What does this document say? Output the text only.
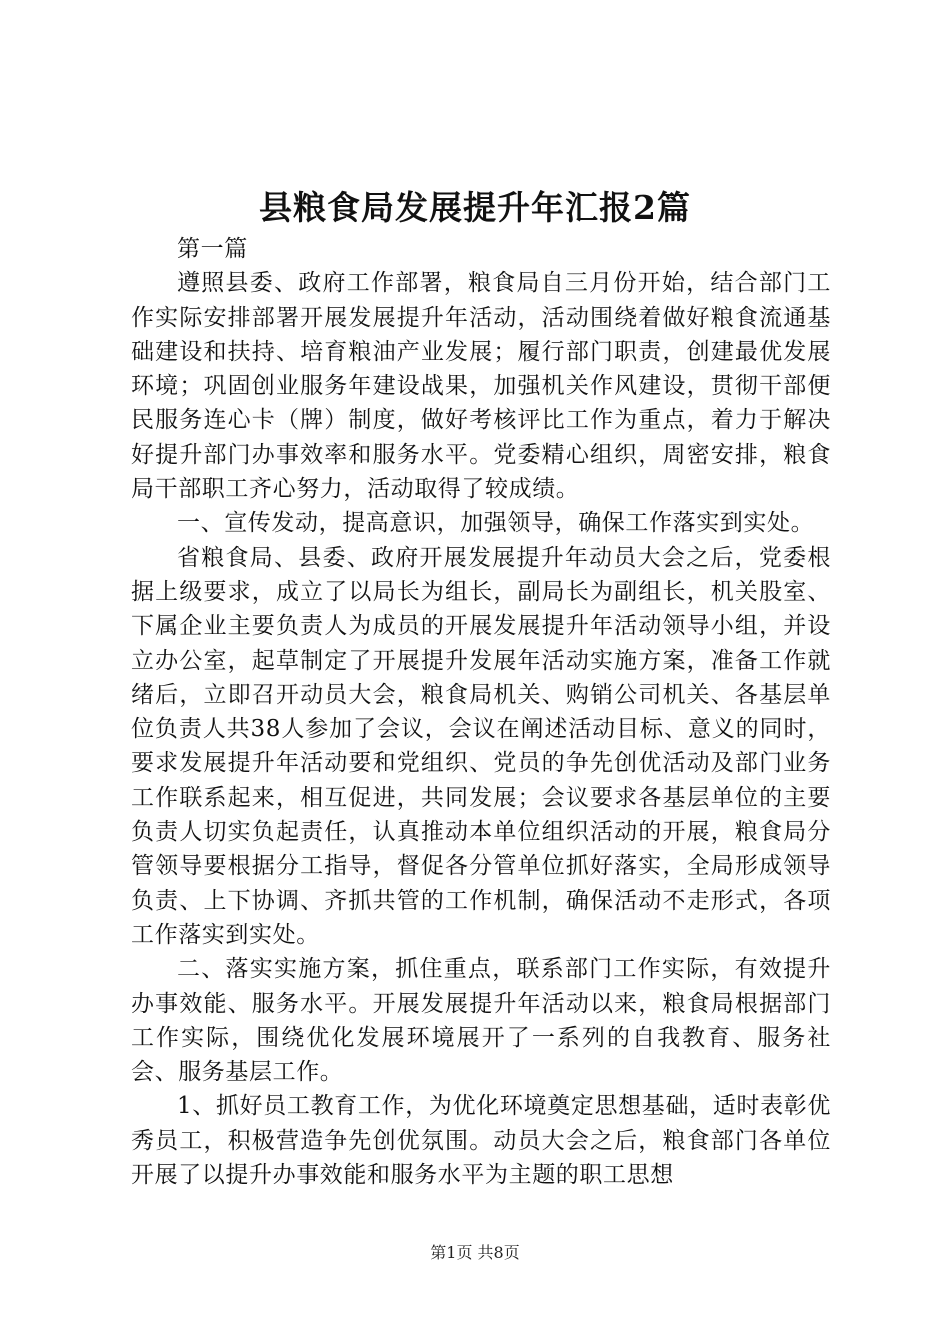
县粮食局发展提升年汇报2篇

第一篇

遵照县委、政府工作部署，粮食局自三月份开始，结合部门工作实际安排部署开展发展提升年活动，活动围绕着做好粮食流通基础建设和扶持、培育粮油产业发展；履行部门职责，创建最优发展环境；巩固创业服务年建设战果，加强机关作风建设，贯彻干部便民服务连心卡（牌）制度，做好考核评比工作为重点，着力于解决好提升部门办事效率和服务水平。党委精心组织，周密安排，粮食局干部职工齐心努力，活动取得了较成绩。

一、宣传发动，提高意识，加强领导，确保工作落实到实处。

省粮食局、县委、政府开展发展提升年动员大会之后，党委根据上级要求，成立了以局长为组长，副局长为副组长，机关股室、下属企业主要负责人为成员的开展发展提升年活动领导小组，并设立办公室，起草制定了开展提升发展年活动实施方案，准备工作就绪后，立即召开动员大会，粮食局机关、购销公司机关、各基层单位负责人共38人参加了会议，会议在阐述活动目标、意义的同时，要求发展提升年活动要和党组织、党员的争先创优活动及部门业务工作联系起来，相互促进，共同发展；会议要求各基层单位的主要负责人切实负起责任，认真推动本单位组织活动的开展，粮食局分管领导要根据分工指导，督促各分管单位抓好落实，全局形成领导负责、上下协调、齐抓共管的工作机制，确保活动不走形式，各项工作落实到实处。

二、落实实施方案，抓住重点，联系部门工作实际，有效提升办事效能、服务水平。开展发展提升年活动以来，粮食局根据部门工作实际，围绕优化发展环境展开了一系列的自我教育、服务社会、服务基层工作。

1、抓好员工教育工作，为优化环境奠定思想基础，适时表彰优秀员工，积极营造争先创优氛围。动员大会之后，粮食部门各单位开展了以提升办事效能和服务水平为主题的职工思想

第1页 共8页
